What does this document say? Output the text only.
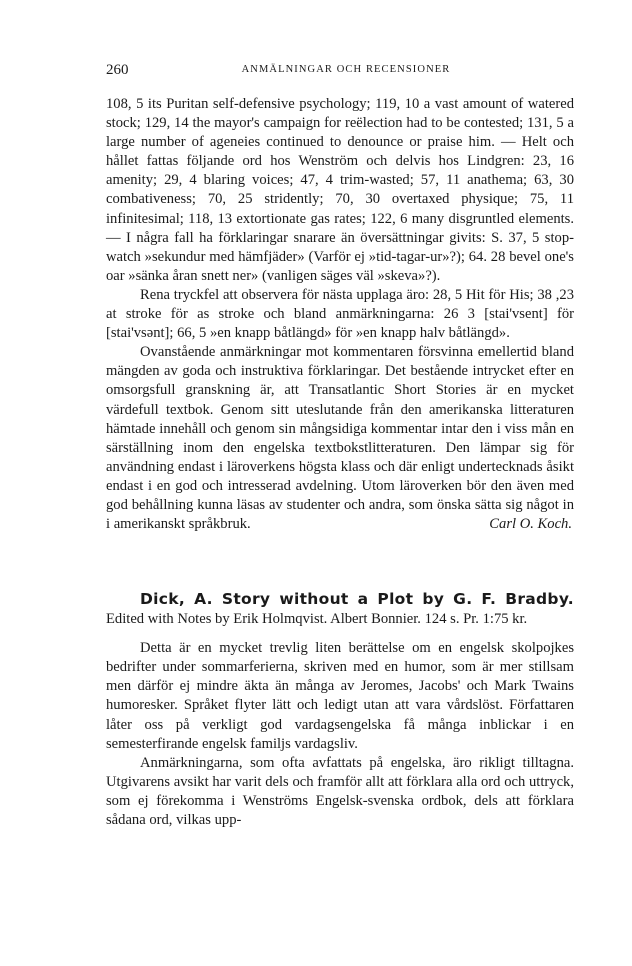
260	ANMÄLNINGAR OCH RECENSIONER

108, 5 its Puritan self-defensive psychology; 119, 10 a vast amount of watered stock; 129, 14 the mayor's campaign for reëlection had to be contested; 131, 5 a large number of ageneies continued to denounce or praise him. — Helt och hållet fattas följande ord hos Wenström och delvis hos Lindgren: 23, 16 amenity; 29, 4 blaring voices; 47, 4 trim-wasted; 57, 11 anathema; 63, 30 combativeness; 70, 25 stridently; 70, 30 overtaxed physique; 75, 11 infinitesimal; 118, 13 extortionate gas rates; 122, 6 many disgruntled elements. — I några fall ha förklaringar snarare än översättningar givits: S. 37, 5 stop-watch »sekundur med hämfjäder» (Varför ej »tid-tagar-ur»?); 64. 28 bevel one's oar »sänka åran snett ner» (vanligen säges väl »skeva»?).

Rena tryckfel att observera för nästa upplaga äro: 28, 5 Hit för His; 38 ,23 at stroke för as stroke och bland anmärkningarna: 26 3 [stai'vsent] för [stai'vsənt]; 66, 5 »en knapp båtlängd» för »en knapp halv båtlängd».

Ovanstående anmärkningar mot kommentaren försvinna emellertid bland mängden av goda och instruktiva förklaringar. Det bestående intrycket efter en omsorgsfull granskning är, att Transatlantic Short Stories är en mycket värdefull textbok. Genom sitt uteslutande från den amerikanska litteraturen hämtade innehåll och genom sin mångsidiga kommentar intar den i viss mån en särställning inom den engelska textbokstlitteraturen. Den lämpar sig för användning endast i läroverkens högsta klass och där enligt undertecknads åsikt endast i en god och intresserad avdelning. Utom läroverken bör den även med god behållning kunna läsas av studenter och andra, som önska sätta sig något in i amerikanskt språkbruk.	Carl O. Koch.

Dick, A. Story without a Plot by G. F. Bradby. Edited with Notes by Erik Holmqvist. Albert Bonnier. 124 s. Pr. 1:75 kr.

Detta är en mycket trevlig liten berättelse om en engelsk skolpojkes bedrifter under sommarferierna, skriven med en humor, som är mer stillsam men därför ej mindre äkta än många av Jeromes, Jacobs' och Mark Twains humoresker. Språket flyter lätt och ledigt utan att vara vårdslöst. Författaren låter oss på verkligt god vardagsengelska få många inblickar i en semesterfirande engelsk familjs vardagsliv.

Anmärkningarna, som ofta avfattats på engelska, äro rikligt tilltagna. Utgivarens avsikt har varit dels och framför allt att förklara alla ord och uttryck, som ej förekomma i Wenströms Engelsk-svenska ordbok, dels att förklara sådana ord, vilkas upp-
